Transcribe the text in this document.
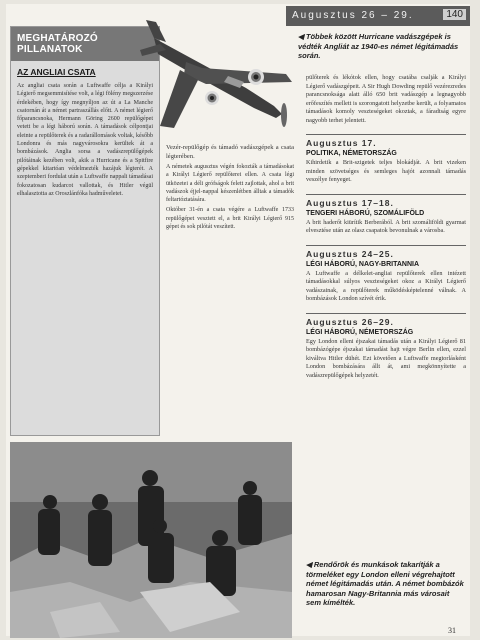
Augusztus 26 – 29.	140
MEGHATÁROZÓ PILLANATOK
AZ ANGLIAI CSATA
Az angliai csata során a Luftwaffe célja a Királyi Légierő megsemmisítése volt, a légi fölény megszerzése érdekében, hogy így megnyíljon az út a La Manche csatornán át a német partraszállás előtt. A német légierő főparancsnoka, Hermann Göring 2600 repülőgépet vetett be a légi háború során. A támadások célpontjai eleinte a repülőterek és a radarállomások voltak, később Londonra és más nagyvárosokra kerültek át a bombázások. Anglia sorsa a vadászrepülőgépek pilótáinak kezében volt, akik a Hurricane és a Spitfire gépekkel kitartóan védelmezték hazájuk légterét. A szeptemberi fordulat után a Luftwaffe nappali támadásai fokozatosan kudarcot vallottak, és Hitler végül elhalasztotta az Oroszlánfóka hadműveletet.
◀ Többek között Hurricane vadászgépek is védték Angliát az 1940-es német légitámadás során.

Vezér-repülőgép és támadó vadászgépek a csata légterében.

A németek augusztus végén fokozták a támadásokat a Királyi Légierő repülőterei ellen. A csata légi ütközetei a déli grófságok felett zajlottak, ahol a brit vadászok éjjel-nappal készenlétben álltak a támadók feltartóztatására.

Október 31-én a csata végére a Luftwaffe 1733 repülőgépet vesztett el, a brit Királyi Légierő 915 gépet és sok pilótát veszített.

pülőterek és lékótok ellen, hogy csatába csalják a Királyi Légierő vadászgépeit. A Sir Hugh Dowding repülő vezérezredes parancsnoksága alatt álló 650 brit vadászgép a legnagyobb erőfeszítés mellett is szorongatott helyzetbe került, a folyamatos támadások komoly veszteségeket okoztak, a fáradtság egyre nagyobb terhet jelentett.
Augusztus 17.
POLITIKA, NÉMETORSZÁG
Kihirdetik a Brit-szigetek teljes blokádját. A brit vizeken minden szövetséges és semleges hajót azonnali támadás veszélye fenyeget.
Augusztus 17–18.
TENGERI HÁBORÚ, SZOMÁLIFÖLD
A brit haderőt kiürítik Berberából. A brit szomáliföldi gyarmat elvesztése után az olasz csapatok bevonulnak a városba.
Augusztus 24–25.
LÉGI HÁBORÚ, NAGY-BRITANNIA
A Luftwaffe a délkelet-angliai repülőterek ellen intézett támadásokkal súlyos veszteségeket okoz a Királyi Légierő vadászainak, a repülőterek működésképtelenné válnak. A bombázások London szívét érik.
Augusztus 26–29.
LÉGI HÁBORÚ, NÉMETORSZÁG
Egy London elleni éjszakai támadás után a Királyi Légierő 81 bombázógépe éjszakai támadást hajt végre Berlin ellen, ezzel kiváltva Hitler dühét. Ezt követően a Luftwaffe megtorlásként London bombázására állt át, ami megkönnyítette a vadászrepülőgépek helyzetét.
◀ Rendőrök és munkások takarítják a törmeléket egy London elleni végrehajtott német légitámadás után. A német bombázók hamarosan Nagy-Britannia más városait sem kímélték.
31
